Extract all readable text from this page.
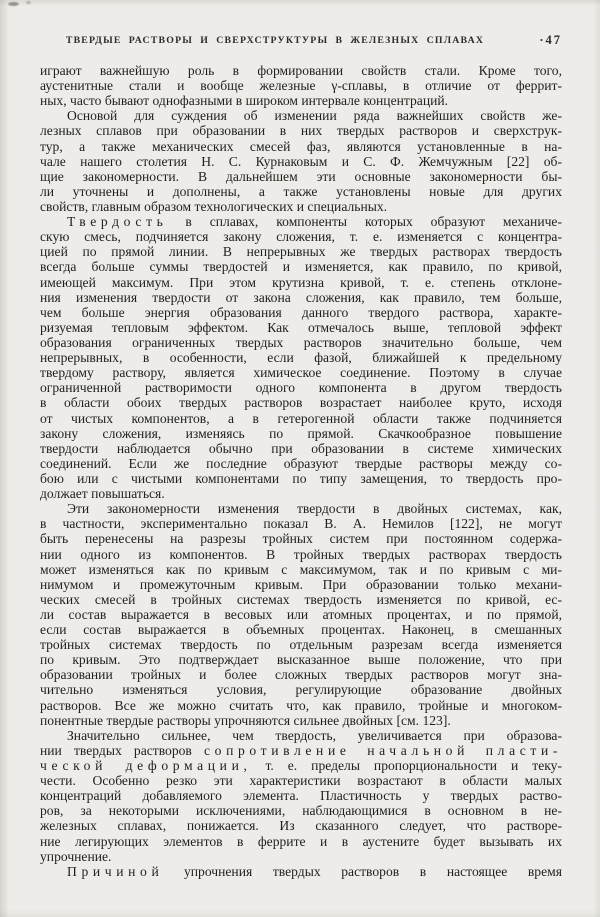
ТВЕРДЫЕ РАСТВОРЫ И СВЕРХСТРУКТУРЫ В ЖЕЛЕЗНЫХ СПЛАВАХ	·47
играют важнейшую роль в формировании свойств стали. Кроме того,
аустенитные стали и вообще железные γ-сплавы, в отличие от феррит-
ных, часто бывают однофазными в широком интервале концентраций.
Основой для суждения об изменении ряда важнейших свойств же-
лезных сплавов при образовании в них твердых растворов и сверхструк-
тур, а также механических смесей фаз, являются установленные в на-
чале нашего столетия Н. С. Курнаковым и С. Ф. Жемчужным [22] об-
щие закономерности. В дальнейшем эти основные закономерности бы-
ли уточнены и дополнены, а также установлены новые для других
свойств, главным образом технологических и специальных.
Твердость в сплавах, компоненты которых образуют механиче-
скую смесь, подчиняется закону сложения, т. е. изменяется с концентра-
цией по прямой линии. В непрерывных же твердых растворах твердость
всегда больше суммы твердостей и изменяется, как правило, по кривой,
имеющей максимум. При этом крутизна кривой, т. е. степень отклоне-
ния изменения твердости от закона сложения, как правило, тем больше,
чем больше энергия образования данного твердого раствора, характе-
ризуемая тепловым эффектом. Как отмечалось выше, тепловой эффект
образования ограниченных твердых растворов значительно больше, чем
непрерывных, в особенности, если фазой, ближайшей к предельному
твердому раствору, является химическое соединение. Поэтому в случае
ограниченной растворимости одного компонента в другом твердость
в области обоих твердых растворов возрастает наиболее круто, исходя
от чистых компонентов, а в гетерогенной области также подчиняется
закону сложения, изменяясь по прямой. Скачкообразное повышение
твердости наблюдается обычно при образовании в системе химических
соединений. Если же последние образуют твердые растворы между со-
бою или с чистыми компонентами по типу замещения, то твердость про-
должает повышаться.
Эти закономерности изменения твердости в двойных системах, как,
в частности, экспериментально показал В. А. Немилов [122], не могут
быть перенесены на разрезы тройных систем при постоянном содержа-
нии одного из компонентов. В тройных твердых растворах твердость
может изменяться как по кривым с максимумом, так и по кривым с ми-
нимумом и промежуточным кривым. При образовании только механи-
ческих смесей в тройных системах твердость изменяется по кривой, ес-
ли состав выражается в весовых или атомных процентах, и по прямой,
если состав выражается в объемных процентах. Наконец, в смешанных
тройных системах твердость по отдельным разрезам всегда изменяется
по кривым. Это подтверждает высказанное выше положение, что при
образовании тройных и более сложных твердых растворов могут зна-
чительно изменяться условия, регулирующие образование двойных
растворов. Все же можно считать что, как правило, тройные и многоком-
понентные твердые растворы упрочняются сильнее двойных [см. 123].
Значительно сильнее, чем твердость, увеличивается при образова-
нии твердых растворов сопротивление начальной пласти-
ческой деформации, т. е. пределы пропорциональности и теку-
чести. Особенно резко эти характеристики возрастают в области малых
концентраций добавляемого элемента. Пластичность у твердых раство-
ров, за некоторыми исключениями, наблюдающимися в основном в не-
железных сплавах, понижается. Из сказанного следует, что растворе-
ние легирующих элементов в феррите и в аустените будет вызывать их
упрочнение.
Причиной упрочнения твердых растворов в настоящее время
